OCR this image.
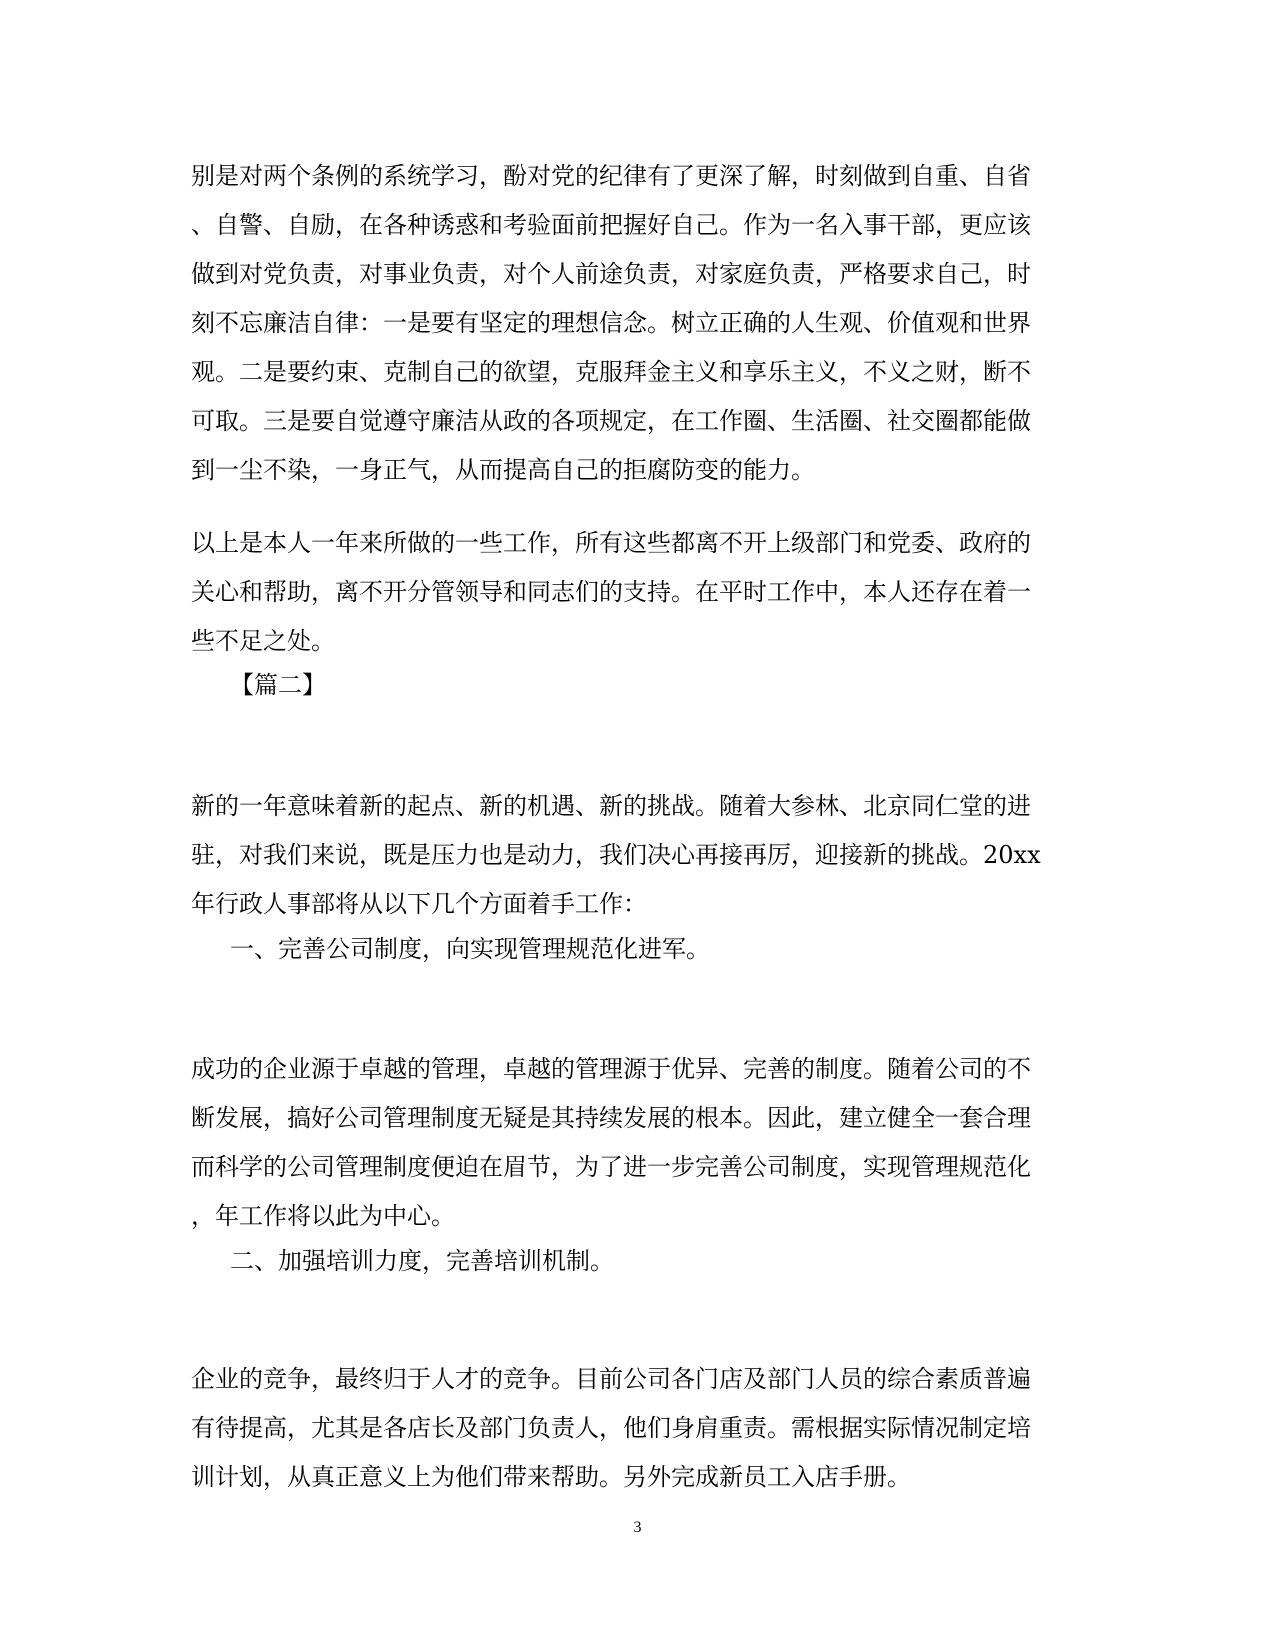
别是对两个条例的系统学习，酚对党的纪律有了更深了解，时刻做到自重、自省
、自警、自励，在各种诱惑和考验面前把握好自己。作为一名入事干部，更应该
做到对党负责，对事业负责，对个人前途负责，对家庭负责，严格要求自己，时
刻不忘廉洁自律：一是要有坚定的理想信念。树立正确的人生观、价值观和世界
观。二是要约束、克制自己的欲望，克服拜金主义和享乐主义，不义之财，断不
可取。三是要自觉遵守廉洁从政的各项规定，在工作圈、生活圈、社交圈都能做
到一尘不染，一身正气，从而提高自己的拒腐防变的能力。
以上是本人一年来所做的一些工作，所有这些都离不开上级部门和党委、政府的
关心和帮助，离不开分管领导和同志们的支持。在平时工作中，本人还存在着一
些不足之处。
【篇二】
新的一年意味着新的起点、新的机遇、新的挑战。随着大参林、北京同仁堂的进
驻，对我们来说，既是压力也是动力，我们决心再接再厉，迎接新的挑战。20xx
年行政人事部将从以下几个方面着手工作：
一、完善公司制度，向实现管理规范化进军。
成功的企业源于卓越的管理，卓越的管理源于优异、完善的制度。随着公司的不
断发展，搞好公司管理制度无疑是其持续发展的根本。因此，建立健全一套合理
而科学的公司管理制度便迫在眉节，为了进一步完善公司制度，实现管理规范化
，年工作将以此为中心。
二、加强培训力度，完善培训机制。
企业的竞争，最终归于人才的竞争。目前公司各门店及部门人员的综合素质普遍
有待提高，尤其是各店长及部门负责人，他们身肩重责。需根据实际情况制定培
训计划，从真正意义上为他们带来帮助。另外完成新员工入店手册。
3
